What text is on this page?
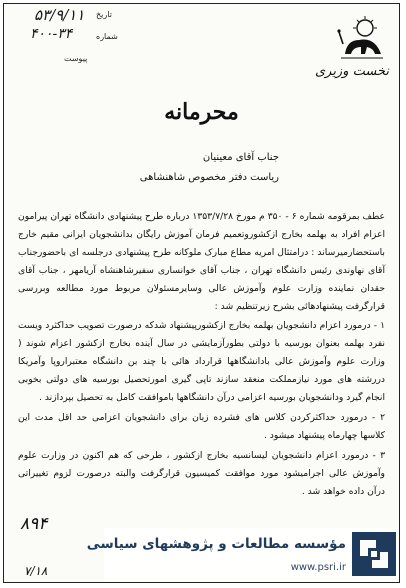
تاریخ
۵۳/۹/۱۱
شماره
۴۰۰-۳۴
پیوست
نخست وزیری
محرمانه
جناب آقای معینیان
ریاست دفتر مخصوص شاهنشاهی

عطف بمرقومه شماره ۶ - ۳۵۰ م مورخ ۱۳۵۳/۷/۲۸ درباره طرح پیشنهادی دانشگاه تهران پیرامون اعزام افراد به بهلمه بخارج ازکشوروتعمیم فرمان آموزش رایگان بدانشجویان ایرانی مقیم خارج باستحضارمیرساند : درامتثال امریه مطاع مبارک ملوکانه طرح پیشنهادی درجلسه ای باحضورجناب آقای نهاوندی رئیس دانشگاه تهران ، جناب آقای خوانساری سفیرشاهنشاه آریامهر ، جناب آقای حقدان نماینده وزارت علوم وآموزش عالی وسایرمسئولان مربوط مورد مطالعه وبررسی قرارگرفت پیشنهادهائی بشرح زیرتنظیم شد :

۱ - درمورد اعزام دانشجویان بهلمه بخارج ازکشورپیشنهاد شدکه درصورت تصویب حداکثرد ویست نفرد بهلمه بعنوان بورسیه با دولتی بطورآزمایشی در سال آینده بخارج ازکشور اعزام شوند ( وزارت علوم وآموزش عالی بادانشگاهها قرارداد هائی با چند بن دانشگاه معتبراروپا وآمریکا دررشته های مورد نیازمملکت منعقد سازند تاپی گیری امورتحصیل بورسیه های دولتی بخوبی انجام گیرد ودانشجویان بورسیه اعزامی درآن دانشگاهها باموافقت کامل به تحصیل بپردازند .

۲ - درمورد حداکثرکردن کلاس های فشرده زبان برای دانشجویان اعزامی حد اقل مدت این کلاسها چهارماه پیشنهاد میشود .

۳ - درمورد اعزام دانشجویان لیسانسیه بخارج ازکشور ، طرحی که هم اکنون در وزارت علوم وآموزش عالی اجرامیشود مورد موافقت کمیسیون قرارگرفت والبته درصورت لزوم تغییراتی درآن داده خواهد شد .

۸۹۴
۷/۱۸
مؤسسه مطالعات و پژوهشهای سیاسی
www.psri.ir
